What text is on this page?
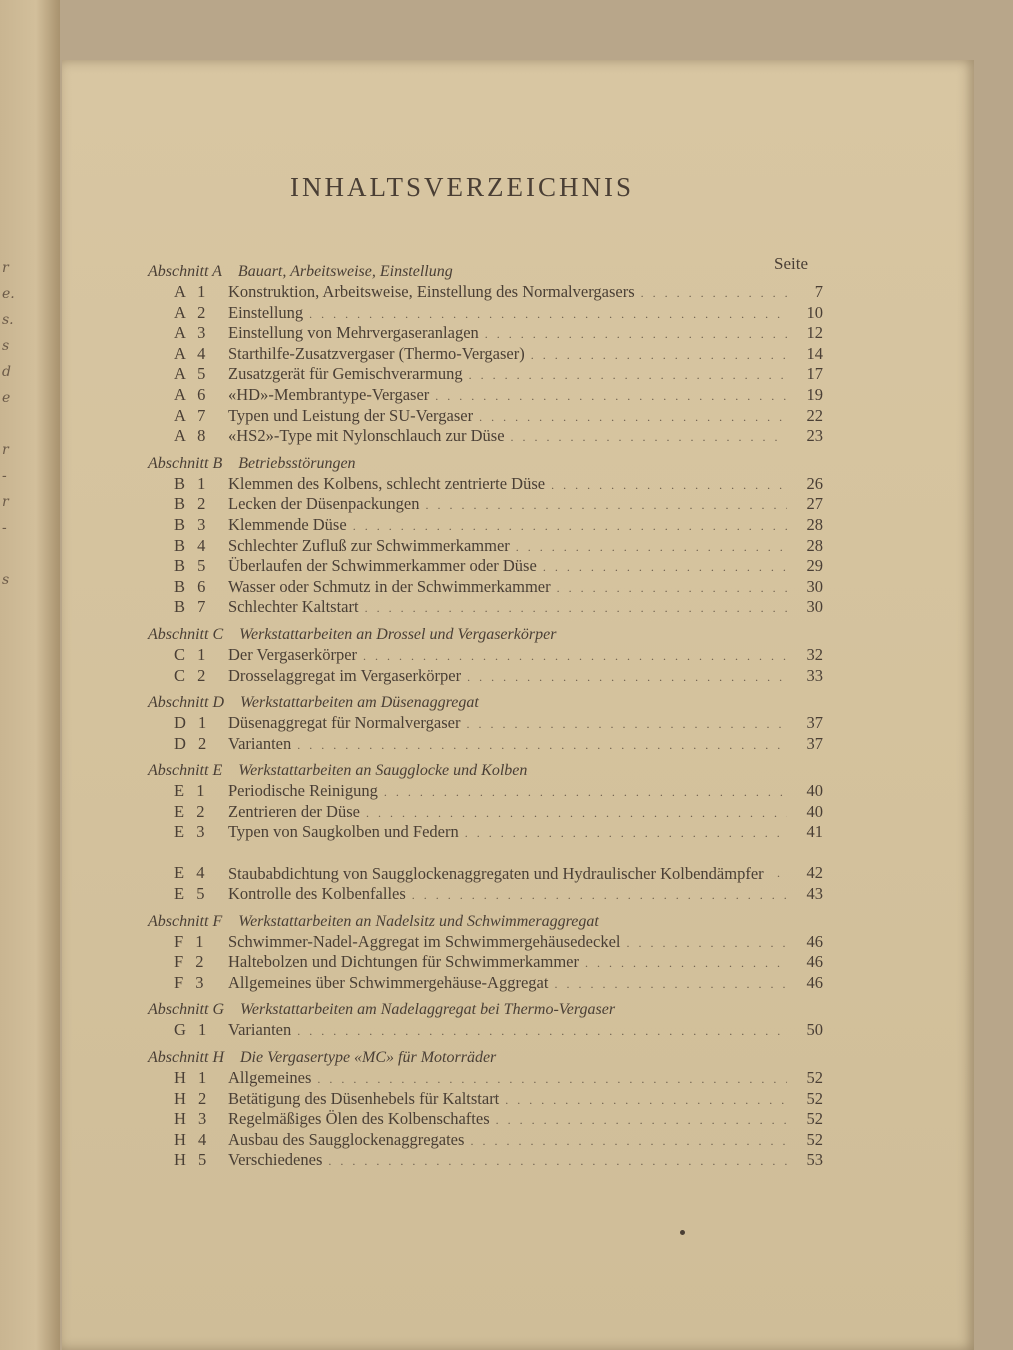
r
e.
s.
s
d
e
r
-
r
-
s
INHALTSVERZEICHNIS
Seite
Abschnitt A Bauart, Arbeitsweise, Einstellung
A 1	Konstruktion, Arbeitsweise, Einstellung des Normalvergasers . . .	7
A 2	Einstellung . . .	10
A 3	Einstellung von Mehrvergaseranlagen . . .	12
A 4	Starthilfe-Zusatzvergaser (Thermo-Vergaser) . . .	14
A 5	Zusatzgerät für Gemischverarmung . . .	17
A 6	«HD»-Membrantype-Vergaser . . .	19
A 7	Typen und Leistung der SU-Vergaser . . .	22
A 8	«HS2»-Type mit Nylonschlauch zur Düse . . .	23
Abschnitt B Betriebsstörungen
B 1	Klemmen des Kolbens, schlecht zentrierte Düse . . .	26
B 2	Lecken der Düsenpackungen . . .	27
B 3	Klemmende Düse . . .	28
B 4	Schlechter Zufluß zur Schwimmerkammer . . .	28
B 5	Überlaufen der Schwimmerkammer oder Düse . . .	29
B 6	Wasser oder Schmutz in der Schwimmerkammer . . .	30
B 7	Schlechter Kaltstart . . .	30
Abschnitt C Werkstattarbeiten an Drossel und Vergaserkörper
C 1	Der Vergaserkörper . . .	32
C 2	Drosselaggregat im Vergaserkörper . . .	33
Abschnitt D Werkstattarbeiten am Düsenaggregat
D 1	Düsenaggregat für Normalvergaser . . .	37
D 2	Varianten . . .	37
Abschnitt E Werkstattarbeiten an Saugglocke und Kolben
E 1	Periodische Reinigung . . .	40
E 2	Zentrieren der Düse . . .	40
E 3	Typen von Saugkolben und Federn . . .	41
E 4	Staubabdichtung von Saugglockenaggregaten und Hydraulischer Kolbendämpfer . . .	42
E 5	Kontrolle des Kolbenfalles . . .	43
Abschnitt F Werkstattarbeiten an Nadelsitz und Schwimmeraggregat
F 1	Schwimmer-Nadel-Aggregat im Schwimmergehäusedeckel . . .	46
F 2	Haltebolzen und Dichtungen für Schwimmerkammer . . .	46
F 3	Allgemeines über Schwimmergehäuse-Aggregat . . .	46
Abschnitt G Werkstattarbeiten am Nadelaggregat bei Thermo-Vergaser
G 1	Varianten . . .	50
Abschnitt H Die Vergasertype «MC» für Motorräder
H 1	Allgemeines . . .	52
H 2	Betätigung des Düsenhebels für Kaltstart . . .	52
H 3	Regelmäßiges Ölen des Kolbenschaftes . . .	52
H 4	Ausbau des Saugglockenaggregates . . .	52
H 5	Verschiedenes . . .	53
